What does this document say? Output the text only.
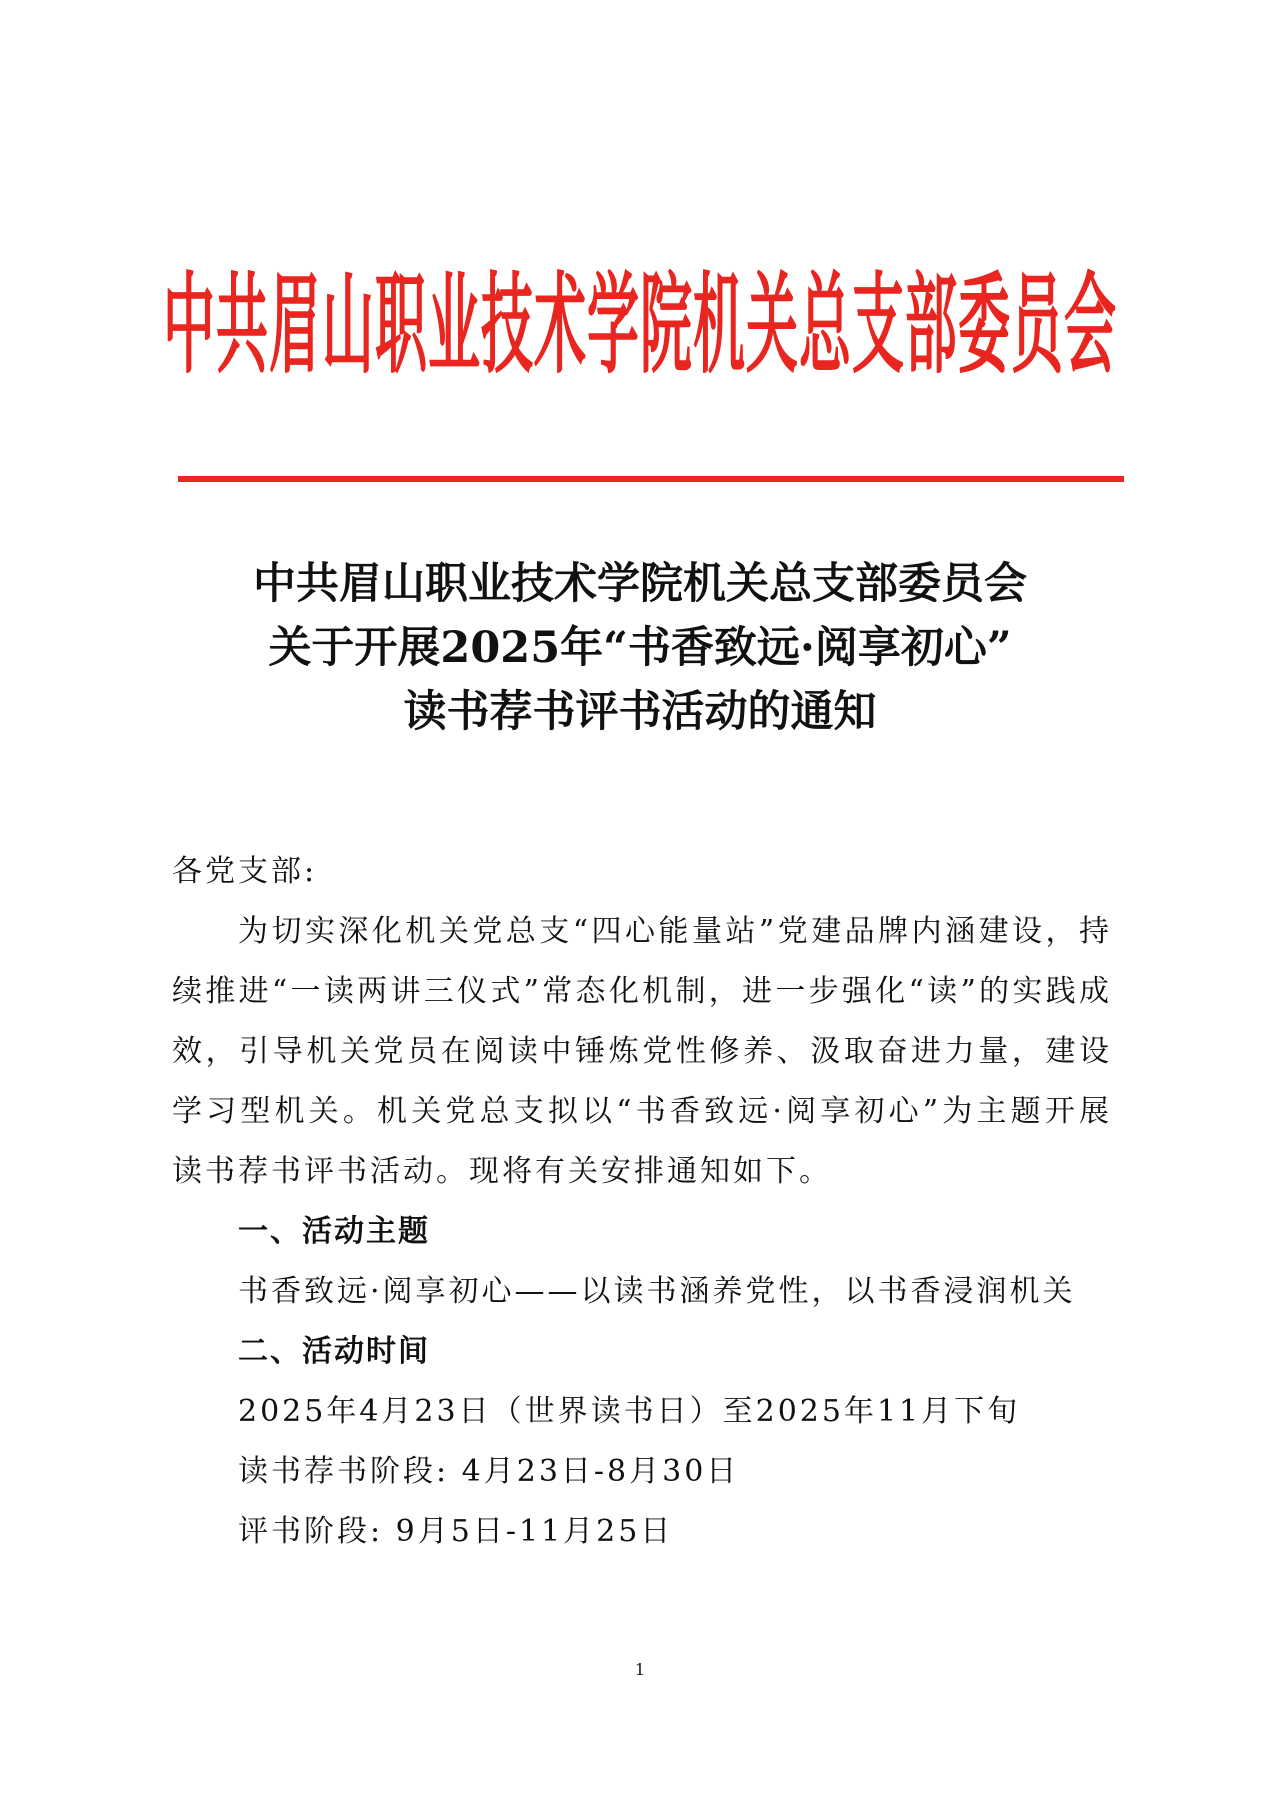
中共眉山职业技术学院机关总支部委员会
中共眉山职业技术学院机关总支部委员会
关于开展2025年“书香致远·阅享初心”
读书荐书评书活动的通知
各党支部:

为切实深化机关党总支“四心能量站”党建品牌内涵建设，持续推进“一读两讲三仪式”常态化机制，进一步强化“读”的实践成效，引导机关党员在阅读中锤炼党性修养、汲取奋进力量，建设学习型机关。机关党总支拟以“书香致远·阅享初心”为主题开展读书荐书评书活动。现将有关安排通知如下。

一、活动主题
书香致远·阅享初心——以读书涵养党性，以书香浸润机关
二、活动时间
2025年4月23日（世界读书日）至2025年11月下旬
读书荐书阶段: 4月23日-8月30日
评书阶段: 9月5日-11月25日
1
